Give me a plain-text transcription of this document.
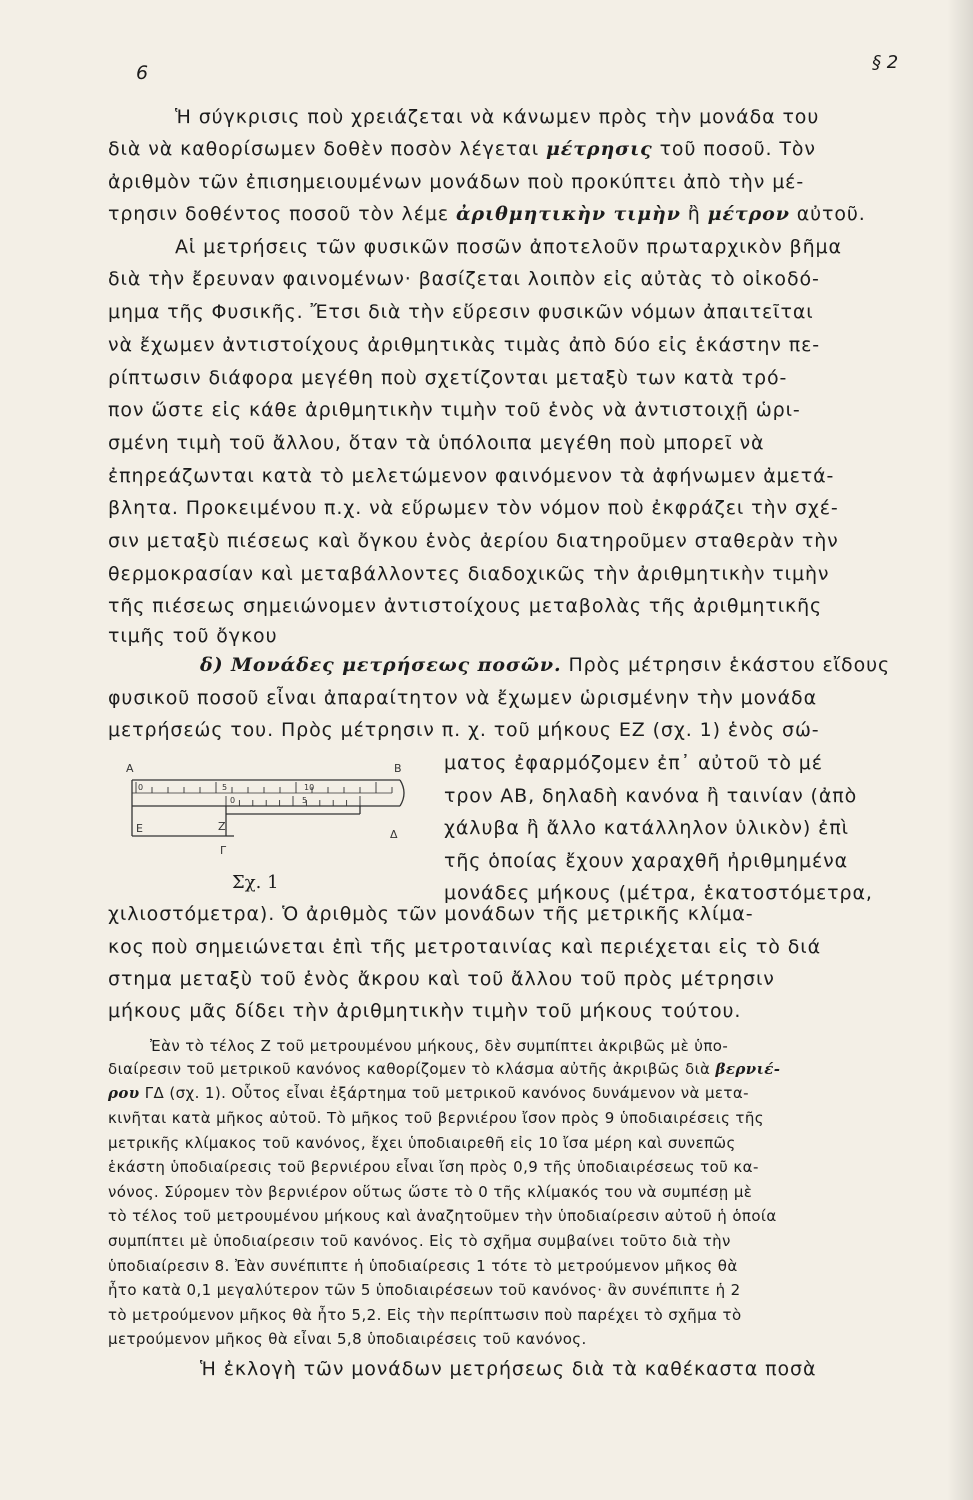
6	§ 2
Ἡ σύγκρισις ποὺ χρειάζεται νὰ κάνωμεν πρὸς τὴν μονάδα του
διὰ νὰ καθορίσωμεν δοθὲν ποσὸν λέγεται μέτρησις τοῦ ποσοῦ. Τὸν
ἀριθμὸν τῶν ἐπισημειουμένων μονάδων ποὺ προκύπτει ἀπὸ τὴν μέ-
τρησιν δοθέντος ποσοῦ τὸν λέμε ἀριθμητικὴν τιμὴν ἢ μέτρον αὐτοῦ.
Αἱ μετρήσεις τῶν φυσικῶν ποσῶν ἀποτελοῦν πρωταρχικὸν βῆμα
διὰ τὴν ἔρευναν φαινομένων· βασίζεται λοιπὸν εἰς αὐτὰς τὸ οἰκοδό-
μημα τῆς Φυσικῆς. Ἔτσι διὰ τὴν εὕρεσιν φυσικῶν νόμων ἀπαιτεῖται
νὰ ἔχωμεν ἀντιστοίχους ἀριθμητικὰς τιμὰς ἀπὸ δύο εἰς ἑκάστην πε-
ρίπτωσιν διάφορα μεγέθη ποὺ σχετίζονται μεταξὺ των κατὰ τρό-
πον ὥστε εἰς κάθε ἀριθμητικὴν τιμὴν τοῦ ἑνὸς νὰ ἀντιστοιχῇ ὡρι-
σμένη τιμὴ τοῦ ἄλλου, ὅταν τὰ ὑπόλοιπα μεγέθη ποὺ μπορεῖ νὰ
ἐπηρεάζωνται κατὰ τὸ μελετώμενον φαινόμενον τὰ ἀφήνωμεν ἀμετά-
βλητα. Προκειμένου π.χ. νὰ εὕρωμεν τὸν νόμον ποὺ ἐκφράζει τὴν σχέ-
σιν μεταξὺ πιέσεως καὶ ὄγκου ἑνὸς ἀερίου διατηροῦμεν σταθερὰν τὴν
θερμοκρασίαν καὶ μεταβάλλοντες διαδοχικῶς τὴν ἀριθμητικὴν τιμὴν
τῆς πιέσεως σημειώνομεν ἀντιστοίχους μεταβολὰς τῆς ἀριθμητικῆς
τιμῆς τοῦ ὄγκου
δ) Μονάδες μετρήσεως ποσῶν. Πρὸς μέτρησιν ἑκάστου εἴδους
φυσικοῦ ποσοῦ εἶναι ἀπαραίτητον νὰ ἔχωμεν ὡρισμένην τὴν μονάδα
μετρήσεώς του. Πρὸς μέτρησιν π. χ. τοῦ μήκους ΕΖ (σχ. 1) ἑνὸς σώ-
ματος ἐφαρμόζομεν ἐπ᾽ αὐτοῦ τὸ μέ
τρον ΑΒ, δηλαδὴ κανόνα ἢ ταινίαν (ἀπὸ
χάλυβα ἢ ἄλλο κατάλληλον ὑλικὸν) ἐπὶ
τῆς ὁποίας ἔχουν χαραχθῆ ἠριθμημένα
μονάδες μήκους (μέτρα, ἑκατοστόμετρα,
Α	Β
Ε	Ζ
Γ
Δ
0	5	10
0	5
Σχ. 1
χιλιοστόμετρα). Ὁ ἀριθμὸς τῶν μονάδων τῆς μετρικῆς κλίμα-
κος ποὺ σημειώνεται ἐπὶ τῆς μετροταινίας καὶ περιέχεται εἰς τὸ διά
στημα μεταξὺ τοῦ ἑνὸς ἄκρου καὶ τοῦ ἄλλου τοῦ πρὸς μέτρησιν
μήκους μᾶς δίδει τὴν ἀριθμητικὴν τιμὴν τοῦ μήκους τούτου.
Ἐὰν τὸ τέλος Ζ τοῦ μετρουμένου μήκους, δὲν συμπίπτει ἀκριβῶς μὲ ὑπο-
διαίρεσιν τοῦ μετρικοῦ κανόνος καθορίζομεν τὸ κλάσμα αὐτῆς ἀκριβῶς διὰ βερνιέ-
ρου ΓΔ (σχ. 1). Οὗτος εἶναι ἐξάρτημα τοῦ μετρικοῦ κανόνος δυνάμενον νὰ μετα-
κινῆται κατὰ μῆκος αὐτοῦ. Τὸ μῆκος τοῦ βερνιέρου ἴσον πρὸς 9 ὑποδιαιρέσεις τῆς
μετρικῆς κλίμακος τοῦ κανόνος, ἔχει ὑποδιαιρεθῆ εἰς 10 ἴσα μέρη καὶ συνεπῶς
ἑκάστη ὑποδιαίρεσις τοῦ βερνιέρου εἶναι ἴση πρὸς 0,9 τῆς ὑποδιαιρέσεως τοῦ κα-
νόνος. Σύρομεν τὸν βερνιέρον οὕτως ὥστε τὸ 0 τῆς κλίμακός του νὰ συμπέσῃ μὲ
τὸ τέλος τοῦ μετρουμένου μήκους καὶ ἀναζητοῦμεν τὴν ὑποδιαίρεσιν αὐτοῦ ἡ ὁποία
συμπίπτει μὲ ὑποδιαίρεσιν τοῦ κανόνος. Εἰς τὸ σχῆμα συμβαίνει τοῦτο διὰ τὴν
ὑποδιαίρεσιν 8. Ἐὰν συνέπιπτε ἡ ὑποδιαίρεσις 1 τότε τὸ μετρούμενον μῆκος θὰ
ἦτο κατὰ 0,1 μεγαλύτερον τῶν 5 ὑποδιαιρέσεων τοῦ κανόνος· ἂν συνέπιπτε ἡ 2
τὸ μετρούμενον μῆκος θὰ ἦτο 5,2. Εἰς τὴν περίπτωσιν ποὺ παρέχει τὸ σχῆμα τὸ
μετρούμενον μῆκος θὰ εἶναι 5,8 ὑποδιαιρέσεις τοῦ κανόνος.
Ἡ ἐκλογὴ τῶν μονάδων μετρήσεως διὰ τὰ καθέκαστα ποσὰ
